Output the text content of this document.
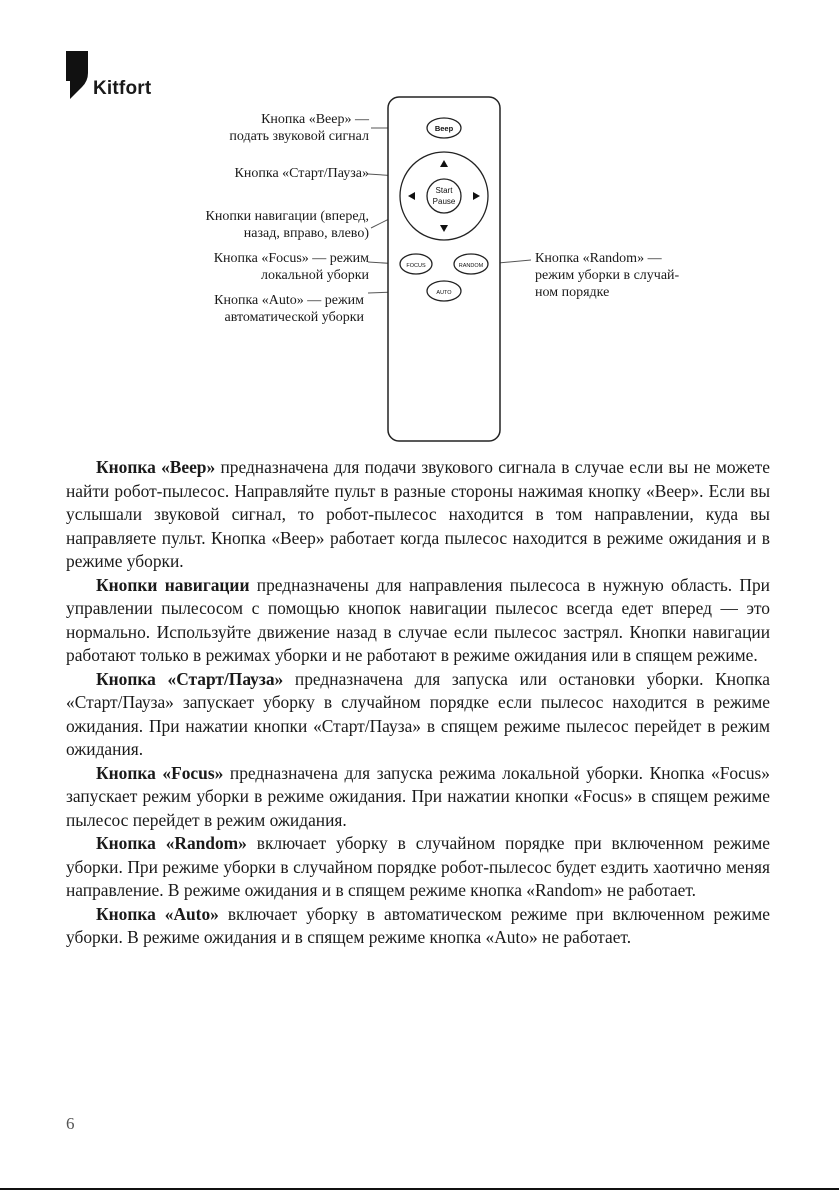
Kitfort
Beep
Start
Pause
FOCUS	RANDOM
AUTO
Кнопка «Beep» —
подать звуковой сигнал
Кнопка «Старт/Пауза»
Кнопки навигации (вперед,
назад, вправо, влево)
Кнопка «Focus» — режим
локальной уборки
Кнопка «Auto» — режим
автоматической уборки
Кнопка «Random» —
режим уборки в случай-
ном порядке

Кнопка «Beep» предназначена для подачи звукового сигнала в случае если вы не можете найти робот-пылесос. Направляйте пульт в разные стороны нажимая кнопку «Beep». Если вы услышали звуковой сигнал, то робот-пылесос находится в том направлении, куда вы направляете пульт. Кнопка «Beep» работает когда пылесос находится в режиме ожидания и в режиме уборки.

Кнопки навигации предназначены для направления пылесоса в нужную область. При управлении пылесосом с помощью кнопок навигации пылесос всегда едет вперед — это нормально. Используйте движение назад в случае если пылесос застрял. Кнопки навигации работают только в режимах уборки и не работают в режиме ожидания или в спящем режиме.

Кнопка «Старт/Пауза» предназначена для запуска или остановки уборки. Кнопка «Старт/Пауза» запускает уборку в случайном порядке если пылесос находится в режиме ожидания. При нажатии кнопки «Старт/Пауза» в спящем режиме пылесос перейдет в режим ожидания.

Кнопка «Focus» предназначена для запуска режима локальной уборки. Кнопка «Focus» запускает режим уборки в режиме ожидания. При нажатии кнопки «Focus» в спящем режиме пылесос перейдет в режим ожидания.

Кнопка «Random» включает уборку в случайном порядке при включенном режиме уборки. При режиме уборки в случайном порядке робот-пылесос будет ездить хаотично меняя направление. В режиме ожидания и в спящем режиме кнопка «Random» не работает.

Кнопка «Auto» включает уборку в автоматическом режиме при включенном режиме уборки. В режиме ожидания и в спящем режиме кнопка «Auto» не работает.

6
